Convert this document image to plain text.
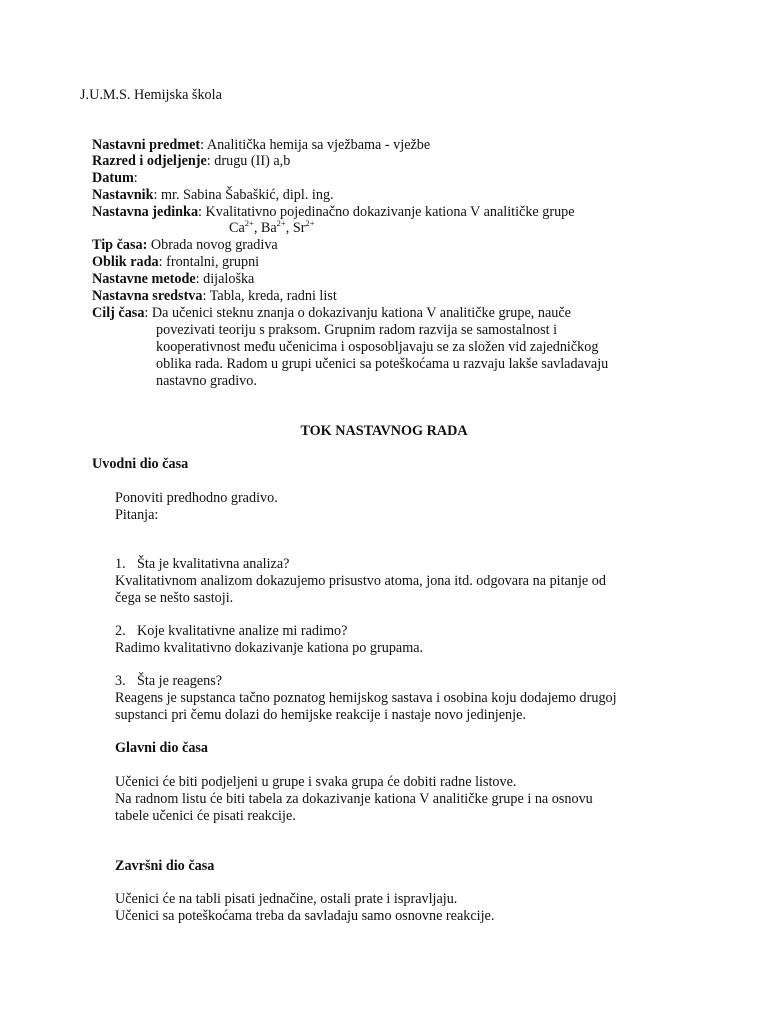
J.U.M.S. Hemijska škola
Nastavni predmet: Analitička hemija sa vježbama - vježbe
Razred i odjeljenje: drugu (II) a,b
Datum:
Nastavnik: mr. Sabina Šabaškić, dipl. ing.
Nastavna jedinka: Kvalitativno pojedinačno dokazivanje kationa V analitičke grupe
$Ca^{2+}$, $Ba^{2+}$, $Sr^{2+}$
Tip časa: Obrada novog gradiva
Oblik rada: frontalni, grupni
Nastavne metode: dijaloška
Nastavna sredstva: Tabla, kreda, radni list
Cilj časa: Da učenici steknu znanja o dokazivanju kationa V analitičke grupe, nauče
povezivati teoriju s praksom. Grupnim radom razvija se samostalnost i
kooperativnost među učenicima i osposobljavaju se za složen vid zajedničkog
oblika rada. Radom u grupi učenici sa poteškoćama u razvaju lakše savladavaju
nastavno gradivo.
TOK NASTAVNOG RADA
Uvodni dio časa
Ponoviti predhodno gradivo.
Pitanja:
1. Šta je kvalitativna analiza?
Kvalitativnom analizom dokazujemo prisustvo atoma, jona itd. odgovara na pitanje od
čega se nešto sastoji.
2. Koje kvalitativne analize mi radimo?
Radimo kvalitativno dokazivanje kationa po grupama.
3. Šta je reagens?
Reagens je supstanca tačno poznatog hemijskog sastava i osobina koju dodajemo drugoj
supstanci pri čemu dolazi do hemijske reakcije i nastaje novo jedinjenje.
Glavni dio časa
Učenici će biti podjeljeni u grupe i svaka grupa će dobiti radne listove.
Na radnom listu će biti tabela za dokazivanje kationa V analitičke grupe i na osnovu
tabele učenici će pisati reakcije.
Završni dio časa
Učenici će na tabli pisati jednačine, ostali prate i ispravljaju.
Učenici sa poteškoćama treba da savladaju samo osnovne reakcije.
